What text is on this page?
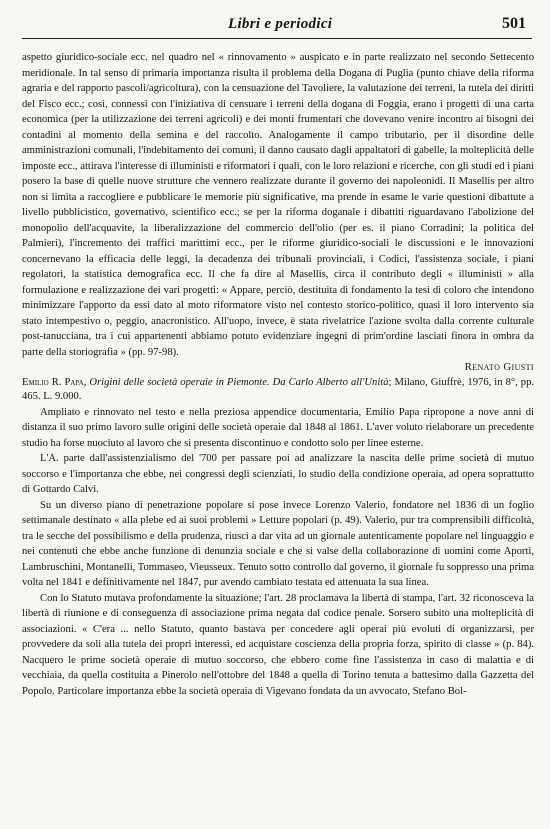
Libri e periodici	501

aspetto giuridico-sociale ecc. nel quadro nel « rinnovamento » auspicato e in parte realizzato nel secondo Settecento meridionale. In tal senso di primaria importanza risulta il problema della Dogana di Puglia (punto chiave della riforma agraria e del rapporto pascoli/agricoltura), con la censuazione del Tavoliere, la valutazione dei terreni, la tutela dei diritti del Fisco ecc.; così, connessi con l'iniziativa di censuare i terreni della dogana di Foggia, erano i progetti di una carta economica (per la utilizzazione dei terreni agricoli) e dei monti frumentari che dovevano venire incontro ai bisogni dei contadini al momento della semina e del raccolto. Analogamente il campo tributario, per il disordine delle amministrazioni comunali, l'indebitamento dei comuni, il danno causato dagli appaltatori di gabelle, la molteplicità delle imposte ecc., attirava l'interesse di illuministi e riformatori i quali, con le loro relazioni e ricerche, con gli studi ed i piani posero la base di quelle nuove strutture che vennero realizzate durante il governo dei napoleonidi. Il Masellis per altro non si limita a raccogliere e pubblicare le memorie più significative, ma prende in esame le varie questioni dibattute a livello pubblicistico, governativo, scientifico ecc.; se per la riforma doganale i dibattiti riguardavano l'abolizione del monopolio dell'acquavite, la liberalizzazione del commercio dell'olio (per es. il piano Corradini; la politica del Palmieri), l'incremento dei traffici marittimi ecc., per le riforme giuridico-sociali le discussioni e le innovazioni concernevano la efficacia delle leggi, la decadenza dei tribunali provinciali, i Codici, l'assistenza sociale, i piani regolatori, la statistica demografica ecc. Il che fa dire al Masellis, circa il contributo degli « illuministi » alla formulazione e realizzazione dei vari progetti: « Appare, perciò, destituita di fondamento la tesi di coloro che intendono minimizzare l'apporto da essi dato al moto riformatore visto nel contesto storico-politico, quasi il loro intervento sia stato intempestivo o, peggio, anacronistico. All'uopo, invece, è stata rivelatrice l'azione svolta dalla corrente culturale post-tanucciana, tra i cui appartenenti abbiamo potuto evidenziare ingegni di prim'ordine lasciati finora in ombra da parte della storiografia » (pp. 97-98).

Renato Giusti

Emilio R. Papa, Origini delle società operaie in Piemonte. Da Carlo Alberto all'Unità; Milano, Giuffrè, 1976, in 8°, pp. 465. L. 9.000.

Ampliato e rinnovato nel testo e nella preziosa appendice documentaria, Emilio Papa ripropone a nove anni di distanza il suo primo lavoro sulle origini delle società operaie dal 1848 al 1861. L'aver voluto rielaborare un precedente studio ha forse nuociuto al lavoro che si presenta discontinuo e condotto solo per linee esterne.

L'A. parte dall'assistenzialismo del '700 per passare poi ad analizzare la nascita delle prime società di mutuo soccorso e l'importanza che ebbe, nei congressi degli scienziati, lo studio della condizione operaia, ad opera soprattutto di Gottardo Calvi.

Su un diverso piano di penetrazione popolare si pose invece Lorenzo Valerio, fondatore nel 1836 di un foglio settimanale destinato « alla plebe ed ai suoi problemi » Letture popolari (p. 49). Valerio, pur tra comprensibili difficoltà, tra le secche del possibilismo e della prudenza, riuscì a dar vita ad un giornale autenticamente popolare nel linguaggio e nei contenuti che ebbe anche funzione di denunzia sociale e che si valse della collaborazione di uomini come Aporti, Lambruschini, Montanelli, Tommaseo, Vieusseux. Tenuto sotto controllo dal governo, il giornale fu soppresso una prima volta nel 1841 e definitivamente nel 1847, pur avendo cambiato testata ed attenuata la sua linea.

Con lo Statuto mutava profondamente la situazione; l'art. 28 proclamava la libertà di stampa, l'art. 32 riconosceva la libertà di riunione e di conseguenza di associazione prima negata dal codice penale. Sorsero subito una molteplicità di associazioni. « C'era ... nello Statuto, quanto bastava per concedere agli operai più evoluti di organizzarsi, per provvedere da soli alla tutela dei propri interessi, ed acquistare coscienza della propria forza, spirito di classe » (p. 84). Nacquero le prime società operaie di mutuo soccorso, che ebbero come fine l'assistenza in caso di malattia e di vecchiaia, da quella costituita a Pinerolo nell'ottobre del 1848 a quella di Torino tenuta a battesimo dalla Gazzetta del Popolo. Particolare importanza ebbe la società operaia di Vigevano fondata da un avvocato, Stefano Bol-
